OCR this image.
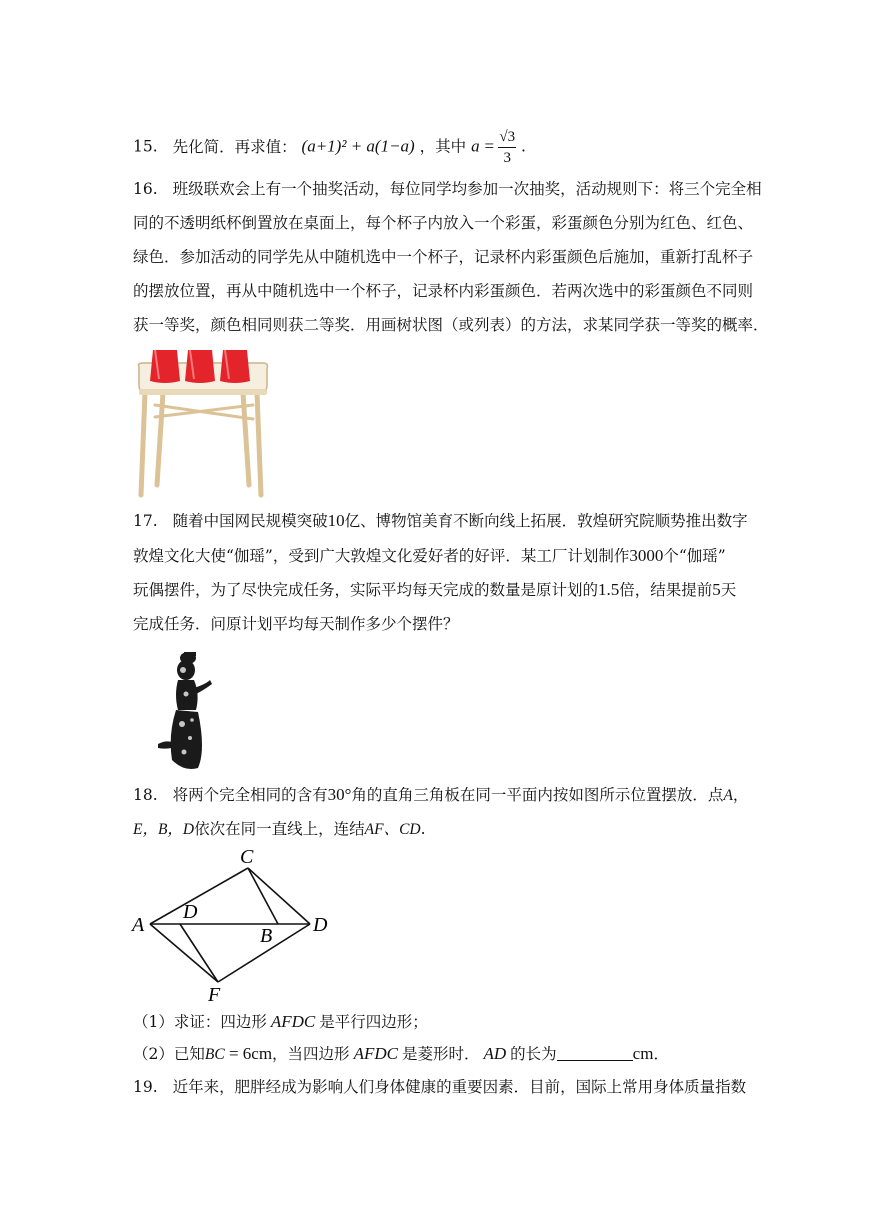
15. 先化简．再求值： (a+1)² + a(1−a) ，其中 $a = \frac{√3}{3}$ .
16. 班级联欢会上有一个抽奖活动，每位同学均参加一次抽奖，活动规则下：将三个完全相
同的不透明纸杯倒置放在桌面上，每个杯子内放入一个彩蛋，彩蛋颜色分别为红色、红色、
绿色．参加活动的同学先从中随机选中一个杯子，记录杯内彩蛋颜色后施加，重新打乱杯子
的摆放位置，再从中随机选中一个杯子，记录杯内彩蛋颜色．若两次选中的彩蛋颜色不同则
获一等奖，颜色相同则获二等奖．用画树状图（或列表）的方法，求某同学获一等奖的概率．
17. 随着中国网民规模突破10亿、博物馆美育不断向线上拓展．敦煌研究院顺势推出数字
敦煌文化大使“伽瑶”，受到广大敦煌文化爱好者的好评．某工厂计划制作3000个“伽瑶”
玩偶摆件，为了尽快完成任务，实际平均每天完成的数量是原计划的1.5倍，结果提前5天
完成任务．问原计划平均每天制作多少个摆件？
18. 将两个完全相同的含有30°角的直角三角板在同一平面内按如图所示位置摆放．点A，
E，B，D依次在同一直线上，连结AF、CD.
C
A
D
B D
F
（1）求证：四边形 AFDC 是平行四边形；
（2）已知BC = 6cm，当四边形 AFDC 是菱形时． AD 的长为	cm．
19. 近年来，肥胖经成为影响人们身体健康的重要因素．目前，国际上常用身体质量指数
